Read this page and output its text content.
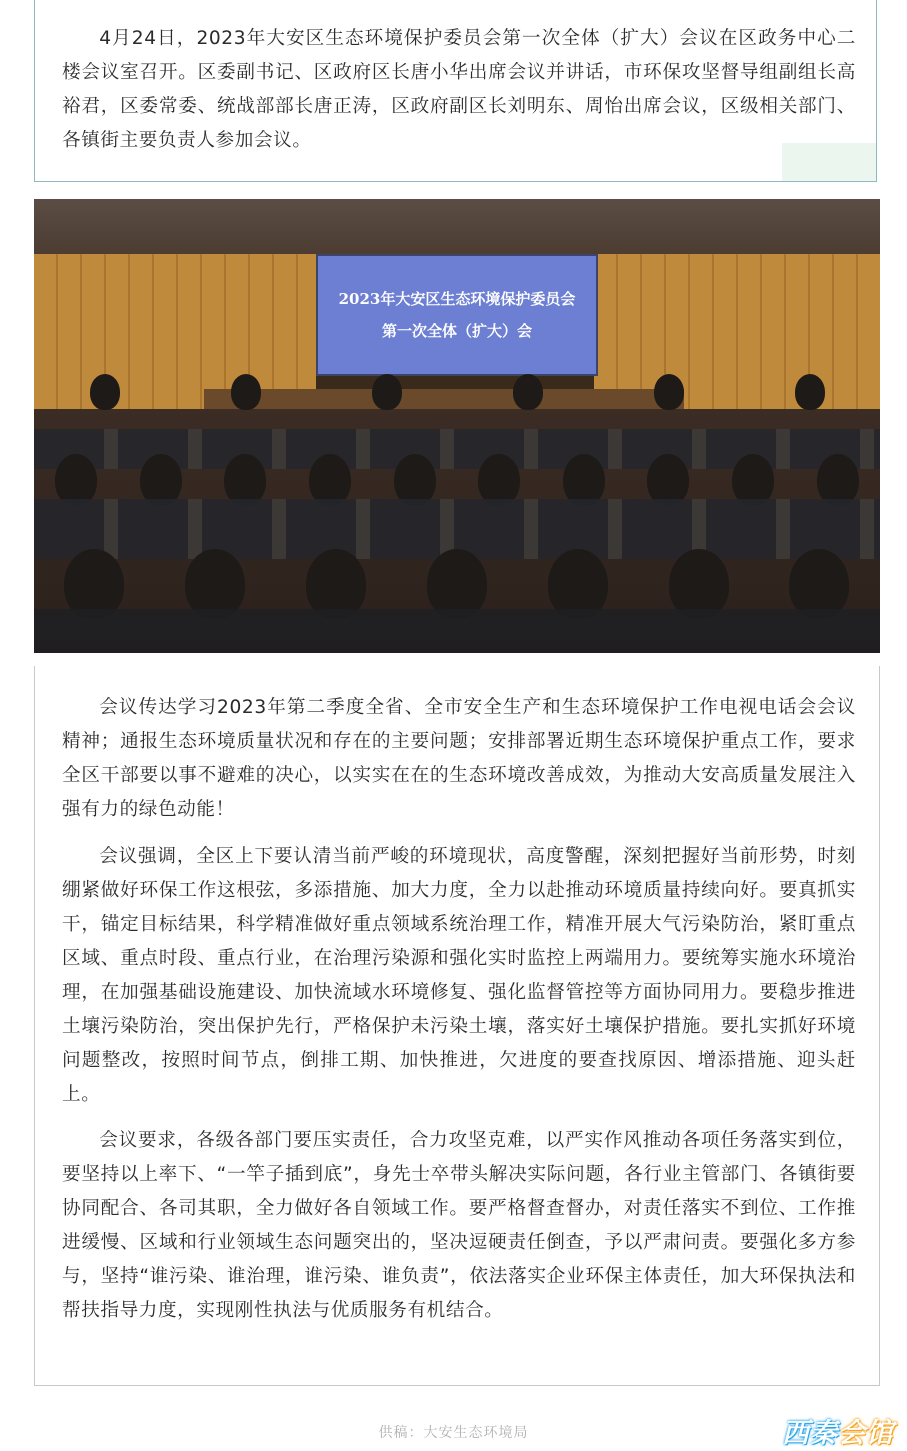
4月24日，2023年大安区生态环境保护委员会第一次全体（扩大）会议在区政务中心二楼会议室召开。区委副书记、区政府区长唐小华出席会议并讲话，市环保攻坚督导组副组长高裕君，区委常委、统战部部长唐正涛，区政府副区长刘明东、周怡出席会议，区级相关部门、各镇街主要负责人参加会议。

2023年大安区生态环境保护委员会
第一次全体（扩大）会

会议传达学习2023年第二季度全省、全市安全生产和生态环境保护工作电视电话会会议精神；通报生态环境质量状况和存在的主要问题；安排部署近期生态环境保护重点工作，要求全区干部要以事不避难的决心，以实实在在的生态环境改善成效，为推动大安高质量发展注入强有力的绿色动能！

会议强调，全区上下要认清当前严峻的环境现状，高度警醒，深刻把握好当前形势，时刻绷紧做好环保工作这根弦，多添措施、加大力度，全力以赴推动环境质量持续向好。要真抓实干，锚定目标结果，科学精准做好重点领域系统治理工作，精准开展大气污染防治，紧盯重点区域、重点时段、重点行业，在治理污染源和强化实时监控上两端用力。要统筹实施水环境治理，在加强基础设施建设、加快流域水环境修复、强化监督管控等方面协同用力。要稳步推进土壤污染防治，突出保护先行，严格保护未污染土壤，落实好土壤保护措施。要扎实抓好环境问题整改，按照时间节点，倒排工期、加快推进，欠进度的要查找原因、增添措施、迎头赶上。

会议要求，各级各部门要压实责任，合力攻坚克难，以严实作风推动各项任务落实到位，要坚持以上率下、“一竿子插到底”，身先士卒带头解决实际问题，各行业主管部门、各镇街要协同配合、各司其职，全力做好各自领域工作。要严格督查督办，对责任落实不到位、工作推进缓慢、区域和行业领域生态问题突出的，坚决逗硬责任倒查，予以严肃问责。要强化多方参与，坚持“谁污染、谁治理，谁污染、谁负责”，依法落实企业环保主体责任，加大环保执法和帮扶指导力度，实现刚性执法与优质服务有机结合。

供稿：大安生态环境局	西秦会馆
